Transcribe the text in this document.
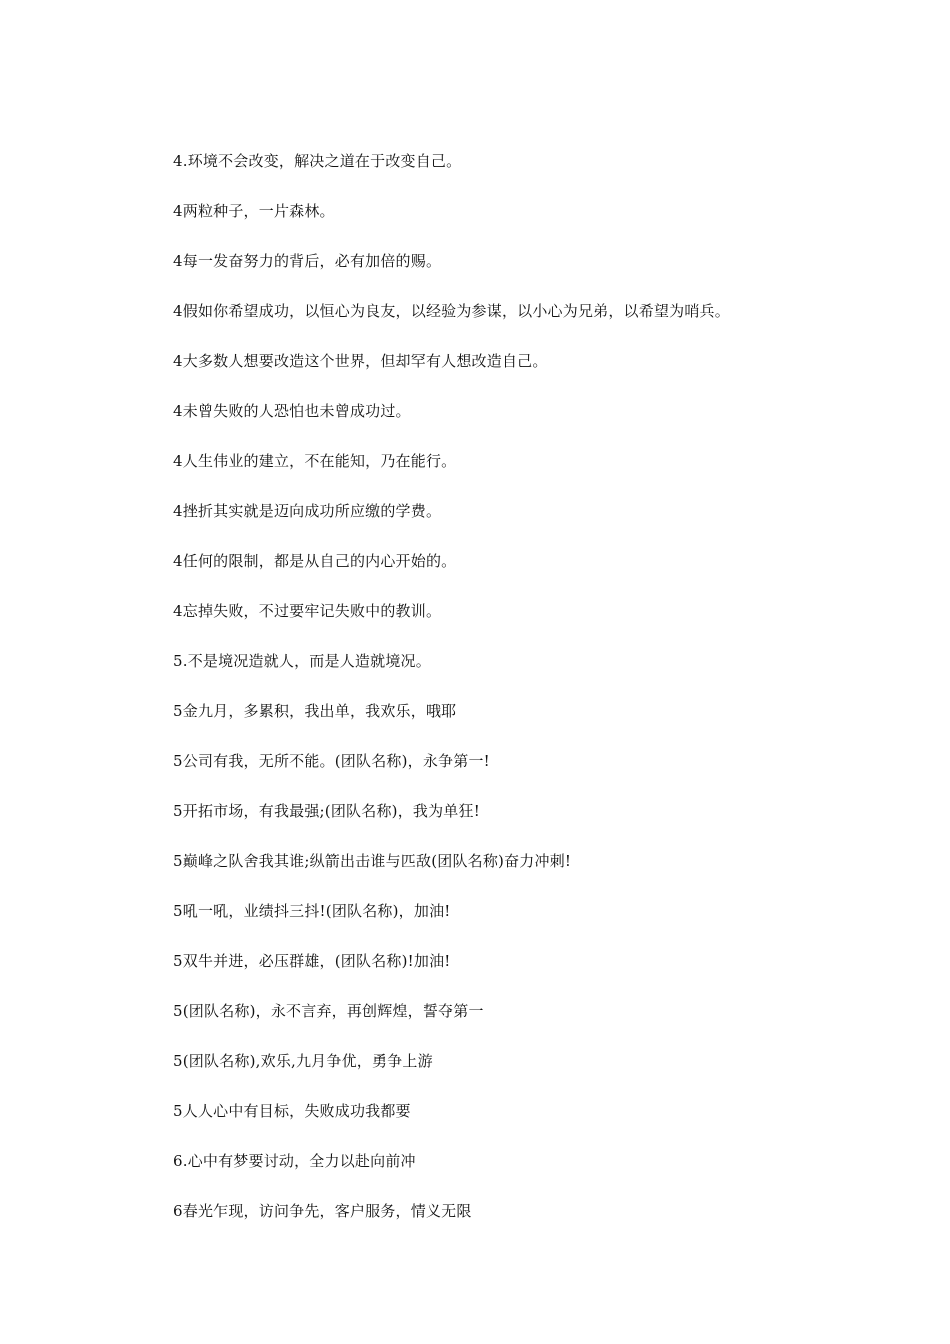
4.环境不会改变，解决之道在于改变自己。
4两粒种子，一片森林。
4每一发奋努力的背后，必有加倍的赐。
4假如你希望成功，以恒心为良友，以经验为参谋，以小心为兄弟，以希望为哨兵。
4大多数人想要改造这个世界，但却罕有人想改造自己。
4未曾失败的人恐怕也未曾成功过。
4人生伟业的建立，不在能知，乃在能行。
4挫折其实就是迈向成功所应缴的学费。
4任何的限制，都是从自己的内心开始的。
4忘掉失败，不过要牢记失败中的教训。
5.不是境况造就人，而是人造就境况。
5金九月，多累积，我出单，我欢乐，哦耶
5公司有我，无所不能。(团队名称)，永争第一!
5开拓市场，有我最强;(团队名称)，我为单狂!
5巅峰之队舍我其谁;纵箭出击谁与匹敌(团队名称)奋力冲刺!
5吼一吼，业绩抖三抖!(团队名称)，加油!
5双牛并进，必压群雄，(团队名称)!加油!
5(团队名称)，永不言弃，再创辉煌，誓夺第一
5(团队名称),欢乐,九月争优，勇争上游
5人人心中有目标，失败成功我都要
6.心中有梦要讨动，全力以赴向前冲
6春光乍现，访问争先，客户服务，情义无限
